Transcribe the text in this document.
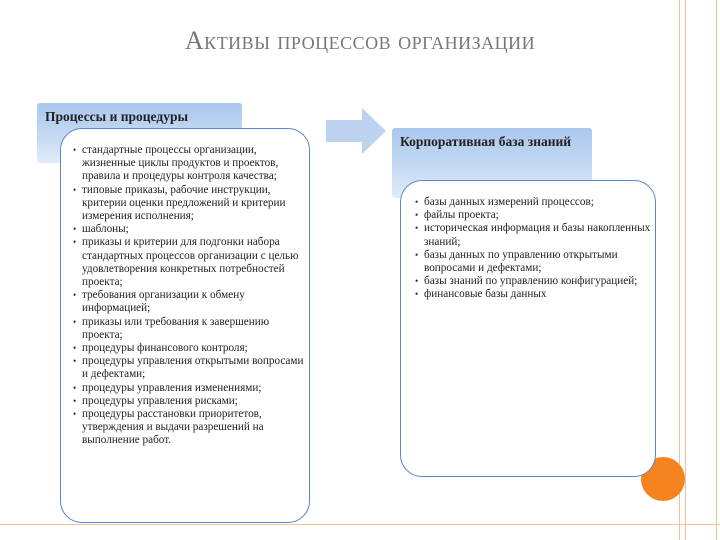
Активы процессов организации
Процессы и процедуры
• стандартные процессы организации, жизненные циклы продуктов и проектов, правила и процедуры контроля качества;
• типовые приказы, рабочие инструкции, критерии оценки предложений и критерии измерения исполнения;
• шаблоны;
• приказы и критерии для подгонки набора стандартных процессов организации с целью удовлетворения конкретных потребностей проекта;
• требования организации к обмену информацией;
• приказы или требования к завершению проекта;
• процедуры финансового контроля;
• процедуры управления открытыми вопросами и дефектами;
• процедуры управления изменениями;
• процедуры управления рисками;
• процедуры расстановки приоритетов, утверждения и выдачи разрешений на выполнение работ.
Корпоративная база знаний
• базы данных измерений процессов;
• файлы проекта;
• историческая информация и базы накопленных знаний;
• базы данных по управлению открытыми вопросами и дефектами;
• базы знаний по управлению конфигурацией;
• финансовые базы данных
